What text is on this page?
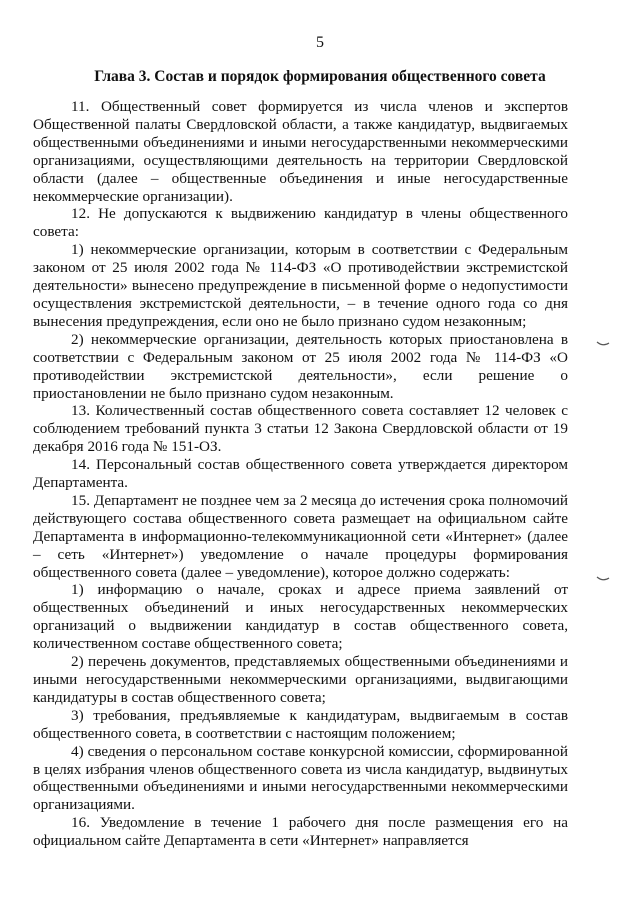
5
Глава 3. Состав и порядок формирования общественного совета

11. Общественный совет формируется из числа членов и экспертов Общественной палаты Свердловской области, а также кандидатур, выдвигаемых общественными объединениями и иными негосударственными некоммерческими организациями, осуществляющими деятельность на территории Свердловской области (далее – общественные объединения и иные негосударственные некоммерческие организации).

12. Не допускаются к выдвижению кандидатур в члены общественного совета:

1) некоммерческие организации, которым в соответствии с Федеральным законом от 25 июля 2002 года № 114-ФЗ «О противодействии экстремистской деятельности» вынесено предупреждение в письменной форме о недопустимости осуществления экстремистской деятельности, – в течение одного года со дня вынесения предупреждения, если оно не было признано судом незаконным;

2) некоммерческие организации, деятельность которых приостановлена в соответствии с Федеральным законом от 25 июля 2002 года № 114-ФЗ «О противодействии экстремистской деятельности», если решение о приостановлении не было признано судом незаконным.

13. Количественный состав общественного совета составляет 12 человек с соблюдением требований пункта 3 статьи 12 Закона Свердловской области от 19 декабря 2016 года № 151-ОЗ.

14. Персональный состав общественного совета утверждается директором Департамента.

15. Департамент не позднее чем за 2 месяца до истечения срока полномочий действующего состава общественного совета размещает на официальном сайте Департамента в информационно-телекоммуникационной сети «Интернет» (далее – сеть «Интернет») уведомление о начале процедуры формирования общественного совета (далее – уведомление), которое должно содержать:

1) информацию о начале, сроках и адресе приема заявлений от общественных объединений и иных негосударственных некоммерческих организаций о выдвижении кандидатур в состав общественного совета, количественном составе общественного совета;

2) перечень документов, представляемых общественными объединениями и иными негосударственными некоммерческими организациями, выдвигающими кандидатуры в состав общественного совета;

3) требования, предъявляемые к кандидатурам, выдвигаемым в состав общественного совета, в соответствии с настоящим положением;

4) сведения о персональном составе конкурсной комиссии, сформированной в целях избрания членов общественного совета из числа кандидатур, выдвинутых общественными объединениями и иными негосударственными некоммерческими организациями.

16. Уведомление в течение 1 рабочего дня после размещения его на официальном сайте Департамента в сети «Интернет» направляется
